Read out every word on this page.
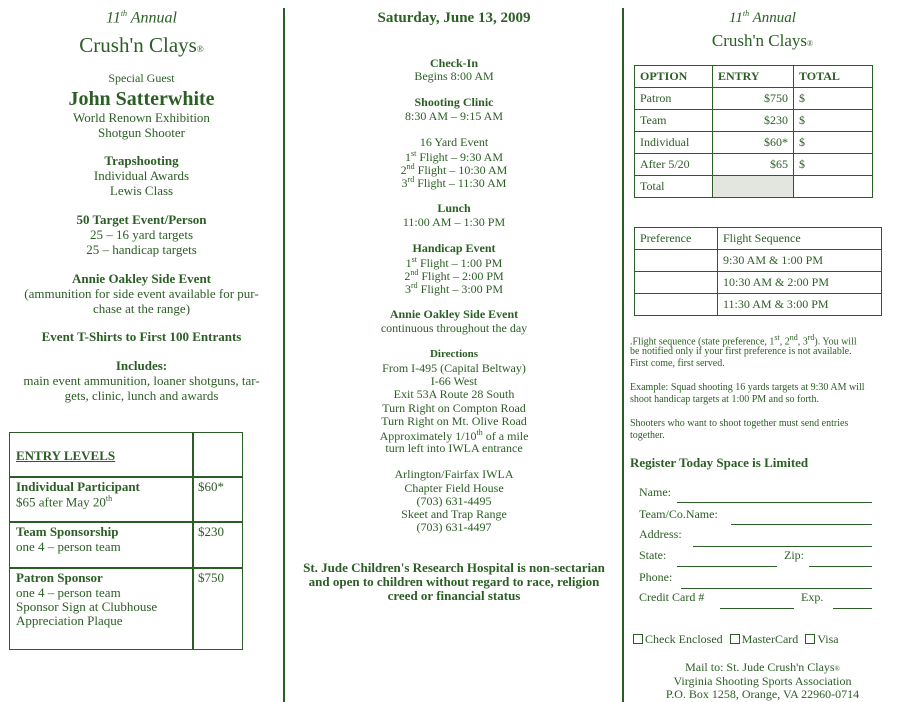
11th Annual
Crush'n Clays®
Special Guest
John Satterwhite
World Renown Exhibition
Shotgun Shooter
Trapshooting
Individual Awards
Lewis Class
50 Target Event/Person
25 – 16 yard targets
25 – handicap targets
Annie Oakley Side Event
(ammunition for side event available for pur-
chase at the range)
Event T-Shirts to First 100 Entrants
Includes:
main event ammunition, loaner shotguns, tar-
gets, clinic, lunch and awards
ENTRY LEVELS
Individual Participant
$65 after May 20th
$60*
Team Sponsorship
one 4 – person team
$230
Patron Sponsor
one 4 – person team
Sponsor Sign at Clubhouse
Appreciation Plaque
$750
Saturday, June 13, 2009
Check-In
Begins 8:00 AM
Shooting Clinic
8:30 AM – 9:15 AM
16 Yard Event
1st Flight – 9:30 AM
2nd Flight – 10:30 AM
3rd Flight – 11:30 AM
Lunch
11:00 AM – 1:30 PM
Handicap Event
1st Flight – 1:00 PM
2nd Flight – 2:00 PM
3rd Flight – 3:00 PM
Annie Oakley Side Event
continuous throughout the day
Directions
From I-495 (Capital Beltway)
I-66 West
Exit 53A Route 28 South
Turn Right on Compton Road
Turn Right on Mt. Olive Road
Approximately 1/10th of a mile
turn left into IWLA entrance
Arlington/Fairfax IWLA
Chapter Field House
(703) 631-4495
Skeet and Trap Range
(703) 631-4497
St. Jude Children's Research Hospital is non-sectarian
and open to children without regard to race, religion
creed or financial status
11th Annual
Crush'n Clays®
OPTION	ENTRY	TOTAL
Patron	$750	$
Team	$230	$
Individual	$60*	$
After 5/20	$65	$
Total		
Preference	Flight Sequence
	9:30 AM & 1:00 PM
	10:30 AM & 2:00 PM
	11:30 AM & 3:00 PM
.Flight sequence (state preference, 1st, 2nd, 3rd). You will
be notified only if your first preference is not available.
First come, first served.
Example: Squad shooting 16 yards targets at 9:30 AM will
shoot handicap targets at 1:00 PM and so forth.
Shooters who want to shoot together must send entries
together.
Register Today Space is Limited
Name:
Team/Co.Name:
Address:
State:	Zip:
Phone:
Credit Card #	Exp.
Check Enclosed MasterCard Visa
Mail to: St. Jude Crush'n Clays®
Virginia Shooting Sports Association
P.O. Box 1258, Orange, VA 22960-0714
